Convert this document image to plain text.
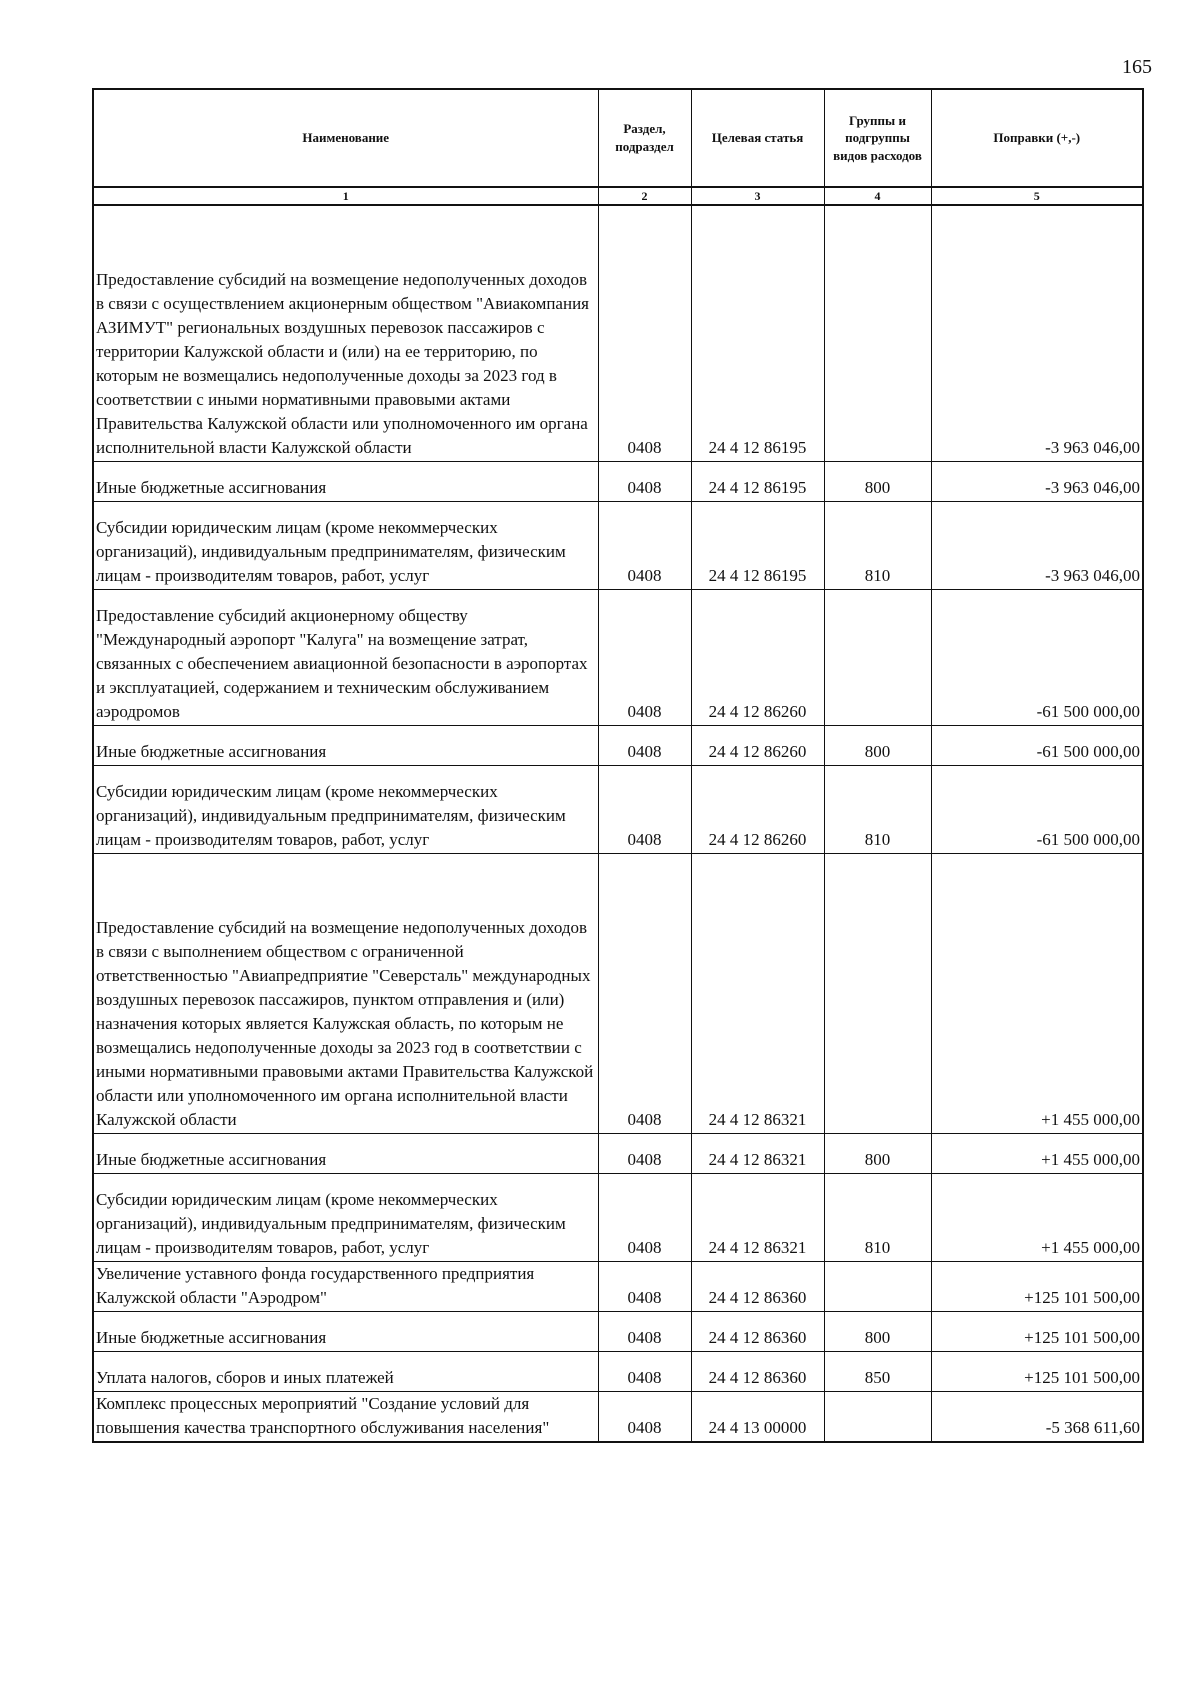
165
Наименование	Раздел, подраздел	Целевая статья	Группы и подгруппы видов расходов	Поправки (+,-)
1	2	3	4	5
Предоставление субсидий на возмещение недополученных доходов в связи с осуществлением акционерным обществом "Авиакомпания АЗИМУТ" региональных воздушных перевозок пассажиров с территории Калужской области и (или) на ее территорию, по которым не возмещались недополученные доходы за 2023 год в соответствии с иными нормативными правовыми актами Правительства Калужской области или уполномоченного им органа исполнительной власти Калужской области	0408	24 4 12 86195		-3 963 046,00
Иные бюджетные ассигнования	0408	24 4 12 86195	800	-3 963 046,00
Субсидии юридическим лицам (кроме некоммерческих организаций), индивидуальным предпринимателям, физическим лицам - производителям товаров, работ, услуг	0408	24 4 12 86195	810	-3 963 046,00
Предоставление субсидий акционерному обществу "Международный аэропорт "Калуга" на возмещение затрат, связанных с обеспечением авиационной безопасности в аэропортах и эксплуатацией, содержанием и техническим обслуживанием аэродромов	0408	24 4 12 86260		-61 500 000,00
Иные бюджетные ассигнования	0408	24 4 12 86260	800	-61 500 000,00
Субсидии юридическим лицам (кроме некоммерческих организаций), индивидуальным предпринимателям, физическим лицам - производителям товаров, работ, услуг	0408	24 4 12 86260	810	-61 500 000,00
Предоставление субсидий на возмещение недополученных доходов в связи с выполнением обществом с ограниченной ответственностью "Авиапредприятие "Северсталь" международных воздушных перевозок пассажиров, пунктом отправления и (или) назначения которых является Калужская область, по которым не возмещались недополученные доходы за 2023 год в соответствии с иными нормативными правовыми актами Правительства Калужской области или уполномоченного им органа исполнительной власти Калужской области	0408	24 4 12 86321		+1 455 000,00
Иные бюджетные ассигнования	0408	24 4 12 86321	800	+1 455 000,00
Субсидии юридическим лицам (кроме некоммерческих организаций), индивидуальным предпринимателям, физическим лицам - производителям товаров, работ, услуг	0408	24 4 12 86321	810	+1 455 000,00
Увеличение уставного фонда государственного предприятия Калужской области "Аэродром"	0408	24 4 12 86360		+125 101 500,00
Иные бюджетные ассигнования	0408	24 4 12 86360	800	+125 101 500,00
Уплата налогов, сборов и иных платежей	0408	24 4 12 86360	850	+125 101 500,00
Комплекс процессных мероприятий "Создание условий для повышения качества транспортного обслуживания населения"	0408	24 4 13 00000		-5 368 611,60
